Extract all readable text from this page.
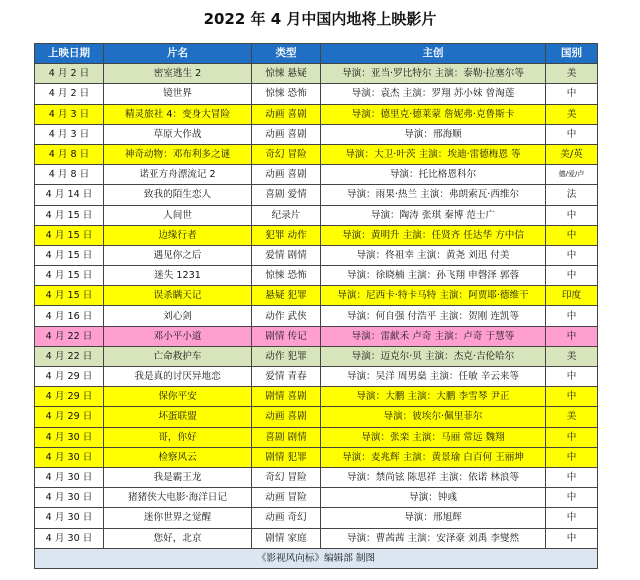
2022 年 4 月中国内地将上映影片
上映日期	片名	类型	主创	国别
4 月 2 日	密室逃生 2	惊悚 悬疑	导演：亚当·罗比特尔 主演：泰勒·拉塞尔等	美
4 月 2 日	镜世界	惊悚 恐怖	导演：袁杰 主演：罗翔 苏小妹 曾淘莲	中
4 月 3 日	精灵旅社 4：变身大冒险	动画 喜剧	导演：德里克·德莱蒙 詹妮弗·克鲁斯卡	美
4 月 3 日	草原大作战	动画 喜剧	导演：邢海顺	中
4 月 8 日	神奇动物：邓布利多之谜	奇幻 冒险	导演：大卫·叶茨 主演：埃迪·雷德梅恩 等	美/英
4 月 8 日	诺亚方舟漂流记 2	动画 喜剧	导演：托比格恩科尔	德/爱/卢
4 月 14 日	致我的陌生恋人	喜剧 爱情	导演：雨果·热兰 主演：弗朗索瓦·西维尔	法
4 月 15 日	人间世	纪录片	导演：陶涛 张琪 秦博 范士广	中
4 月 15 日	边缘行者	犯罪 动作	导演：黄明升 主演：任贤齐 任达华 方中信	中
4 月 15 日	遇见你之后	爱情 剧情	导演：佟祖幸 主演：黄尧 刘迅 付美	中
4 月 15 日	迷失 1231	惊悚 恐怖	导演：徐晓楠 主演：孙飞翔 申磬泽 郭蓉	中
4 月 15 日	误杀瞒天记	悬疑 犯罪	导演：尼西卡·特卡马特 主演：阿贾耶·德维干	印度
4 月 16 日	刘心剑	动作 武侠	导演：何自强 付浩平 主演：贺刚 连凯等	中
4 月 22 日	邓小平小道	剧情 传记	导演：雷献禾 卢奇 主演：卢奇 于慧等	中
4 月 22 日	亡命救护车	动作 犯罪	导演：迈克尔·贝 主演：杰克·吉伦哈尔	美
4 月 29 日	我是真的讨厌异地恋	爱情 青春	导演：吴洋 周男燊 主演：任敏 辛云来等	中
4 月 29 日	保你平安	剧情 喜剧	导演：大鹏 主演：大鹏 李雪琴 尹正	中
4 月 29 日	坏蛋联盟	动画 喜剧	导演：彼埃尔·佩里菲尔	美
4 月 30 日	哥，你好	喜剧 剧情	导演：张栾 主演：马丽 常远 魏翔	中
4 月 30 日	检察风云	剧情 犯罪	导演：麦兆辉 主演：黄景瑜 白百何 王丽坤	中
4 月 30 日	我是霸王龙	奇幻 冒险	导演：禁尚铉 陈思祥 主演：依诺 林浪等	中
4 月 30 日	猪猪侠大电影·海洋日记	动画 冒险	导演：钟彧	中
4 月 30 日	迷你世界之觉醒	动画 奇幻	导演：邢旭辉	中
4 月 30 日	您好，北京	剧情 家庭	导演：曹茜茜 主演：安泽豪 刘禹 李燮然	中
《影视风向标》编辑部 制图				
